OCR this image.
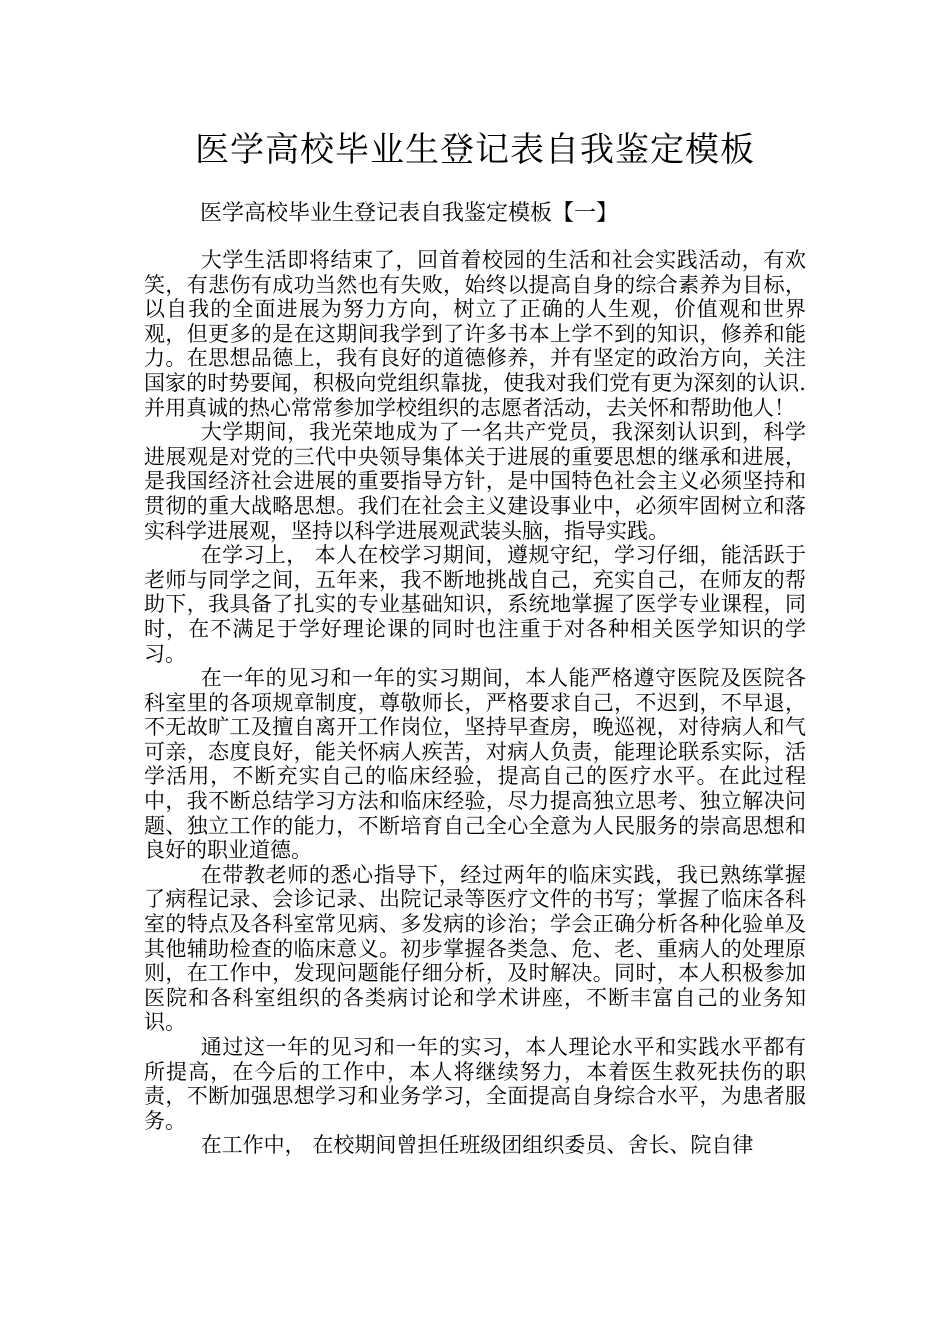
医学高校毕业生登记表自我鉴定模板
医学高校毕业生登记表自我鉴定模板【一】

大学生活即将结束了，回首着校园的生活和社会实践活动，有欢笑，有悲伤有成功当然也有失败，始终以提高自身的综合素养为目标，以自我的全面进展为努力方向，树立了正确的人生观，价值观和世界观，但更多的是在这期间我学到了许多书本上学不到的知识，修养和能力。在思想品德上，我有良好的道德修养，并有坚定的政治方向，关注国家的时势要闻，积极向党组织靠拢，使我对我们党有更为深刻的认识.并用真诚的热心常常参加学校组织的志愿者活动，去关怀和帮助他人！

大学期间，我光荣地成为了一名共产党员，我深刻认识到，科学进展观是对党的三代中央领导集体关于进展的重要思想的继承和进展，是我国经济社会进展的重要指导方针，是中国特色社会主义必须坚持和贯彻的重大战略思想。我们在社会主义建设事业中，必须牢固树立和落实科学进展观，坚持以科学进展观武装头脑，指导实践。

在学习上， 本人在校学习期间，遵规守纪，学习仔细，能活跃于老师与同学之间，五年来，我不断地挑战自己，充实自己，在师友的帮助下，我具备了扎实的专业基础知识，系统地掌握了医学专业课程，同时，在不满足于学好理论课的同时也注重于对各种相关医学知识的学习。

在一年的见习和一年的实习期间，本人能严格遵守医院及医院各科室里的各项规章制度，尊敬师长，严格要求自己，不迟到，不早退，不无故旷工及擅自离开工作岗位，坚持早查房，晚巡视，对待病人和气可亲，态度良好，能关怀病人疾苦，对病人负责，能理论联系实际，活学活用，不断充实自己的临床经验，提高自己的医疗水平。在此过程中，我不断总结学习方法和临床经验，尽力提高独立思考、独立解决问题、独立工作的能力，不断培育自己全心全意为人民服务的崇高思想和良好的职业道德。

在带教老师的悉心指导下，经过两年的临床实践，我已熟练掌握了病程记录、会诊记录、出院记录等医疗文件的书写；掌握了临床各科室的特点及各科室常见病、多发病的诊治；学会正确分析各种化验单及其他辅助检查的临床意义。初步掌握各类急、危、老、重病人的处理原则，在工作中，发现问题能仔细分析，及时解决。同时，本人积极参加医院和各科室组织的各类病讨论和学术讲座，不断丰富自己的业务知识。

通过这一年的见习和一年的实习，本人理论水平和实践水平都有所提高，在今后的工作中，本人将继续努力，本着医生救死扶伤的职责，不断加强思想学习和业务学习，全面提高自身综合水平，为患者服务。

在工作中， 在校期间曾担任班级团组织委员、舍长、院自律
